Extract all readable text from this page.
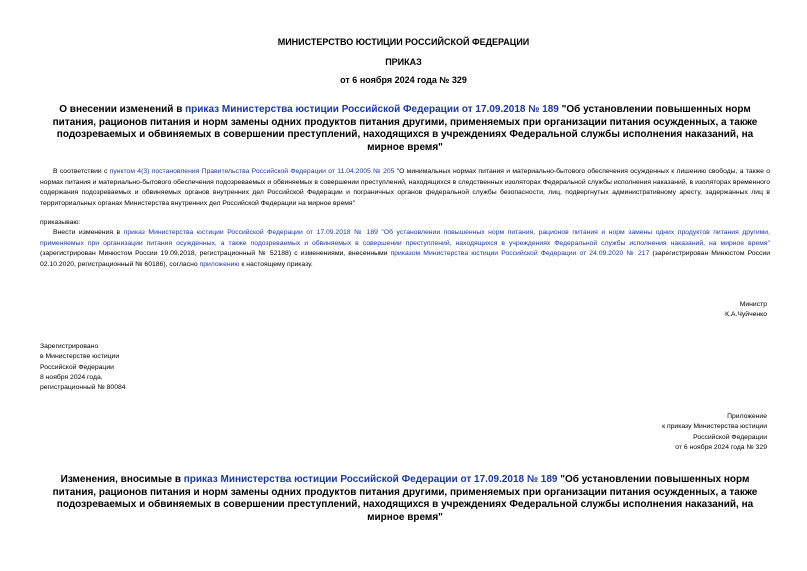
МИНИСТЕРСТВО ЮСТИЦИИ РОССИЙСКОЙ ФЕДЕРАЦИИ
ПРИКАЗ
от 6 ноября 2024 года № 329
О внесении изменений в приказ Министерства юстиции Российской Федерации от 17.09.2018 № 189 "Об установлении повышенных норм питания, рационов питания и норм замены одних продуктов питания другими, применяемых при организации питания осужденных, а также подозреваемых и обвиняемых в совершении преступлений, находящихся в учреждениях Федеральной службы исполнения наказаний, на мирное время"
В соответствии с пунктом 4(3) постановления Правительства Российской Федерации от 11.04.2005 № 205 "О минимальных нормах питания и материально-бытового обеспечения осужденных к лишению свободы, а также о нормах питания и материально-бытового обеспечения подозреваемых и обвиняемых в совершении преступлений, находящихся в следственных изоляторах Федеральной службы исполнения наказаний, в изоляторах временного содержания подозреваемых и обвиняемых органов внутренних дел Российской Федерации и пограничных органов федеральной службы безопасности, лиц, подвергнутых административному аресту, задержанных лиц в территориальных органах Министерства внутренних дел Российской Федерации на мирное время"
приказываю:
Внести изменения в приказ Министерства юстиции Российской Федерации от 17.09.2018 № 189 "Об установлении повышенных норм питания, рационов питания и норм замены одних продуктов питания другими, применяемых при организации питания осужденных, а также подозреваемых и обвиняемых в совершении преступлений, находящихся в учреждениях Федеральной службы исполнения наказаний, на мирное время" (зарегистрирован Минюстом России 19.09.2018, регистрационный № 52188) с изменениями, внесенными приказом Министерства юстиции Российской Федерации от 24.09.2020 № 217 (зарегистрирован Минюстом России 02.10.2020, регистрационный № 60186), согласно приложению к настоящему приказу.
Министр
К.А.Чуйченко
Зарегистрировано
в Министерстве юстиции
Российской Федерации
8 ноября 2024 года,
регистрационный № 80084
Приложение
к приказу Министерства юстиции
Российской Федерации
от 6 ноября 2024 года № 329
Изменения, вносимые в приказ Министерства юстиции Российской Федерации от 17.09.2018 № 189 "Об установлении повышенных норм питания, рационов питания и норм замены одних продуктов питания другими, применяемых при организации питания осужденных, а также подозреваемых и обвиняемых в совершении преступлений, находящихся в учреждениях Федеральной службы исполнения наказаний, на мирное время"
